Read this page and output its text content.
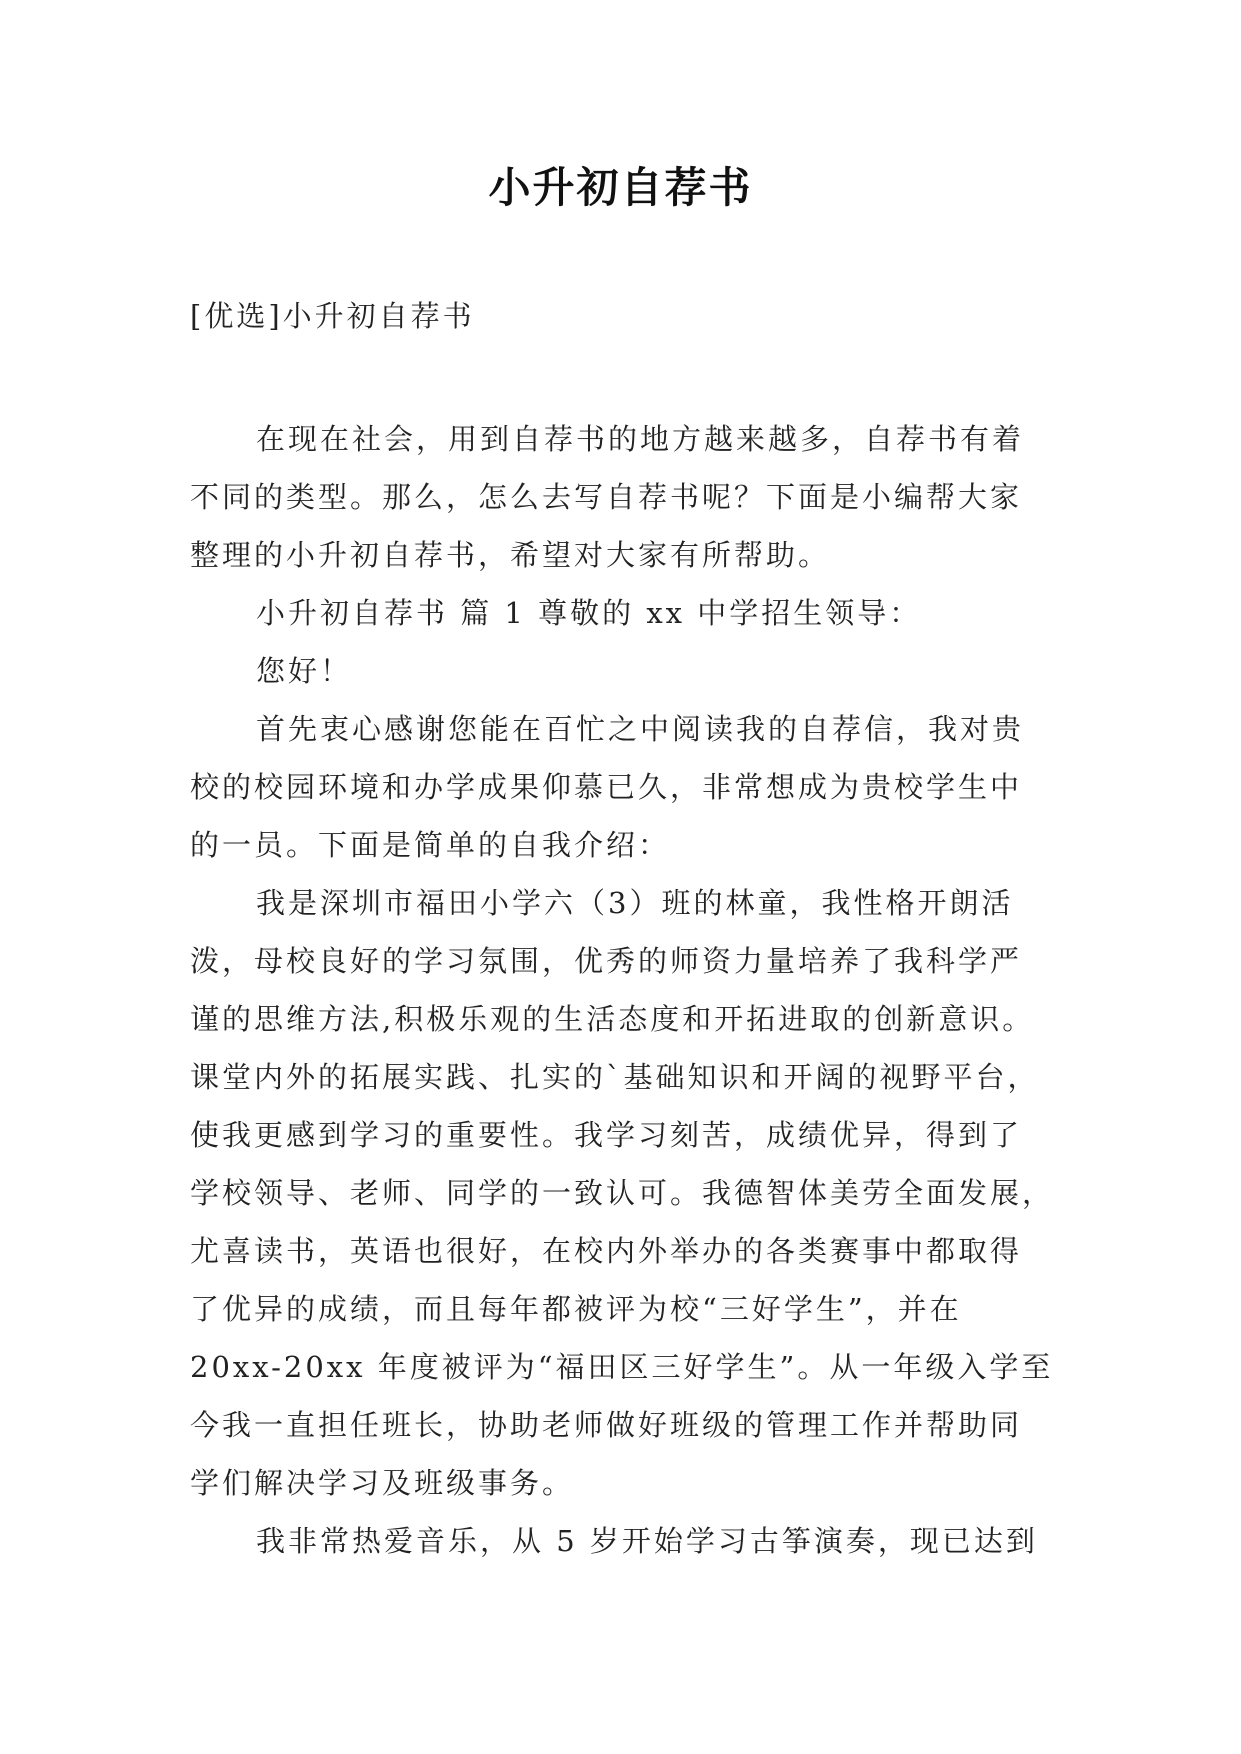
小升初自荐书
[优选]小升初自荐书
在现在社会，用到自荐书的地方越来越多，自荐书有着
不同的类型。那么，怎么去写自荐书呢？下面是小编帮大家
整理的小升初自荐书，希望对大家有所帮助。
小升初自荐书 篇 1 尊敬的 xx 中学招生领导：
您好！
首先衷心感谢您能在百忙之中阅读我的自荐信，我对贵
校的校园环境和办学成果仰慕已久，非常想成为贵校学生中
的一员。下面是简单的自我介绍：
我是深圳市福田小学六（3）班的林童，我性格开朗活
泼，母校良好的学习氛围，优秀的师资力量培养了我科学严
谨的思维方法,积极乐观的生活态度和开拓进取的创新意识。
课堂内外的拓展实践、扎实的`基础知识和开阔的视野平台，
使我更感到学习的重要性。我学习刻苦，成绩优异，得到了
学校领导、老师、同学的一致认可。我德智体美劳全面发展，
尤喜读书，英语也很好，在校内外举办的各类赛事中都取得
了优异的成绩，而且每年都被评为校“三好学生”，并在
20xx-20xx 年度被评为“福田区三好学生”。从一年级入学至
今我一直担任班长，协助老师做好班级的管理工作并帮助同
学们解决学习及班级事务。
我非常热爱音乐，从 5 岁开始学习古筝演奏，现已达到
